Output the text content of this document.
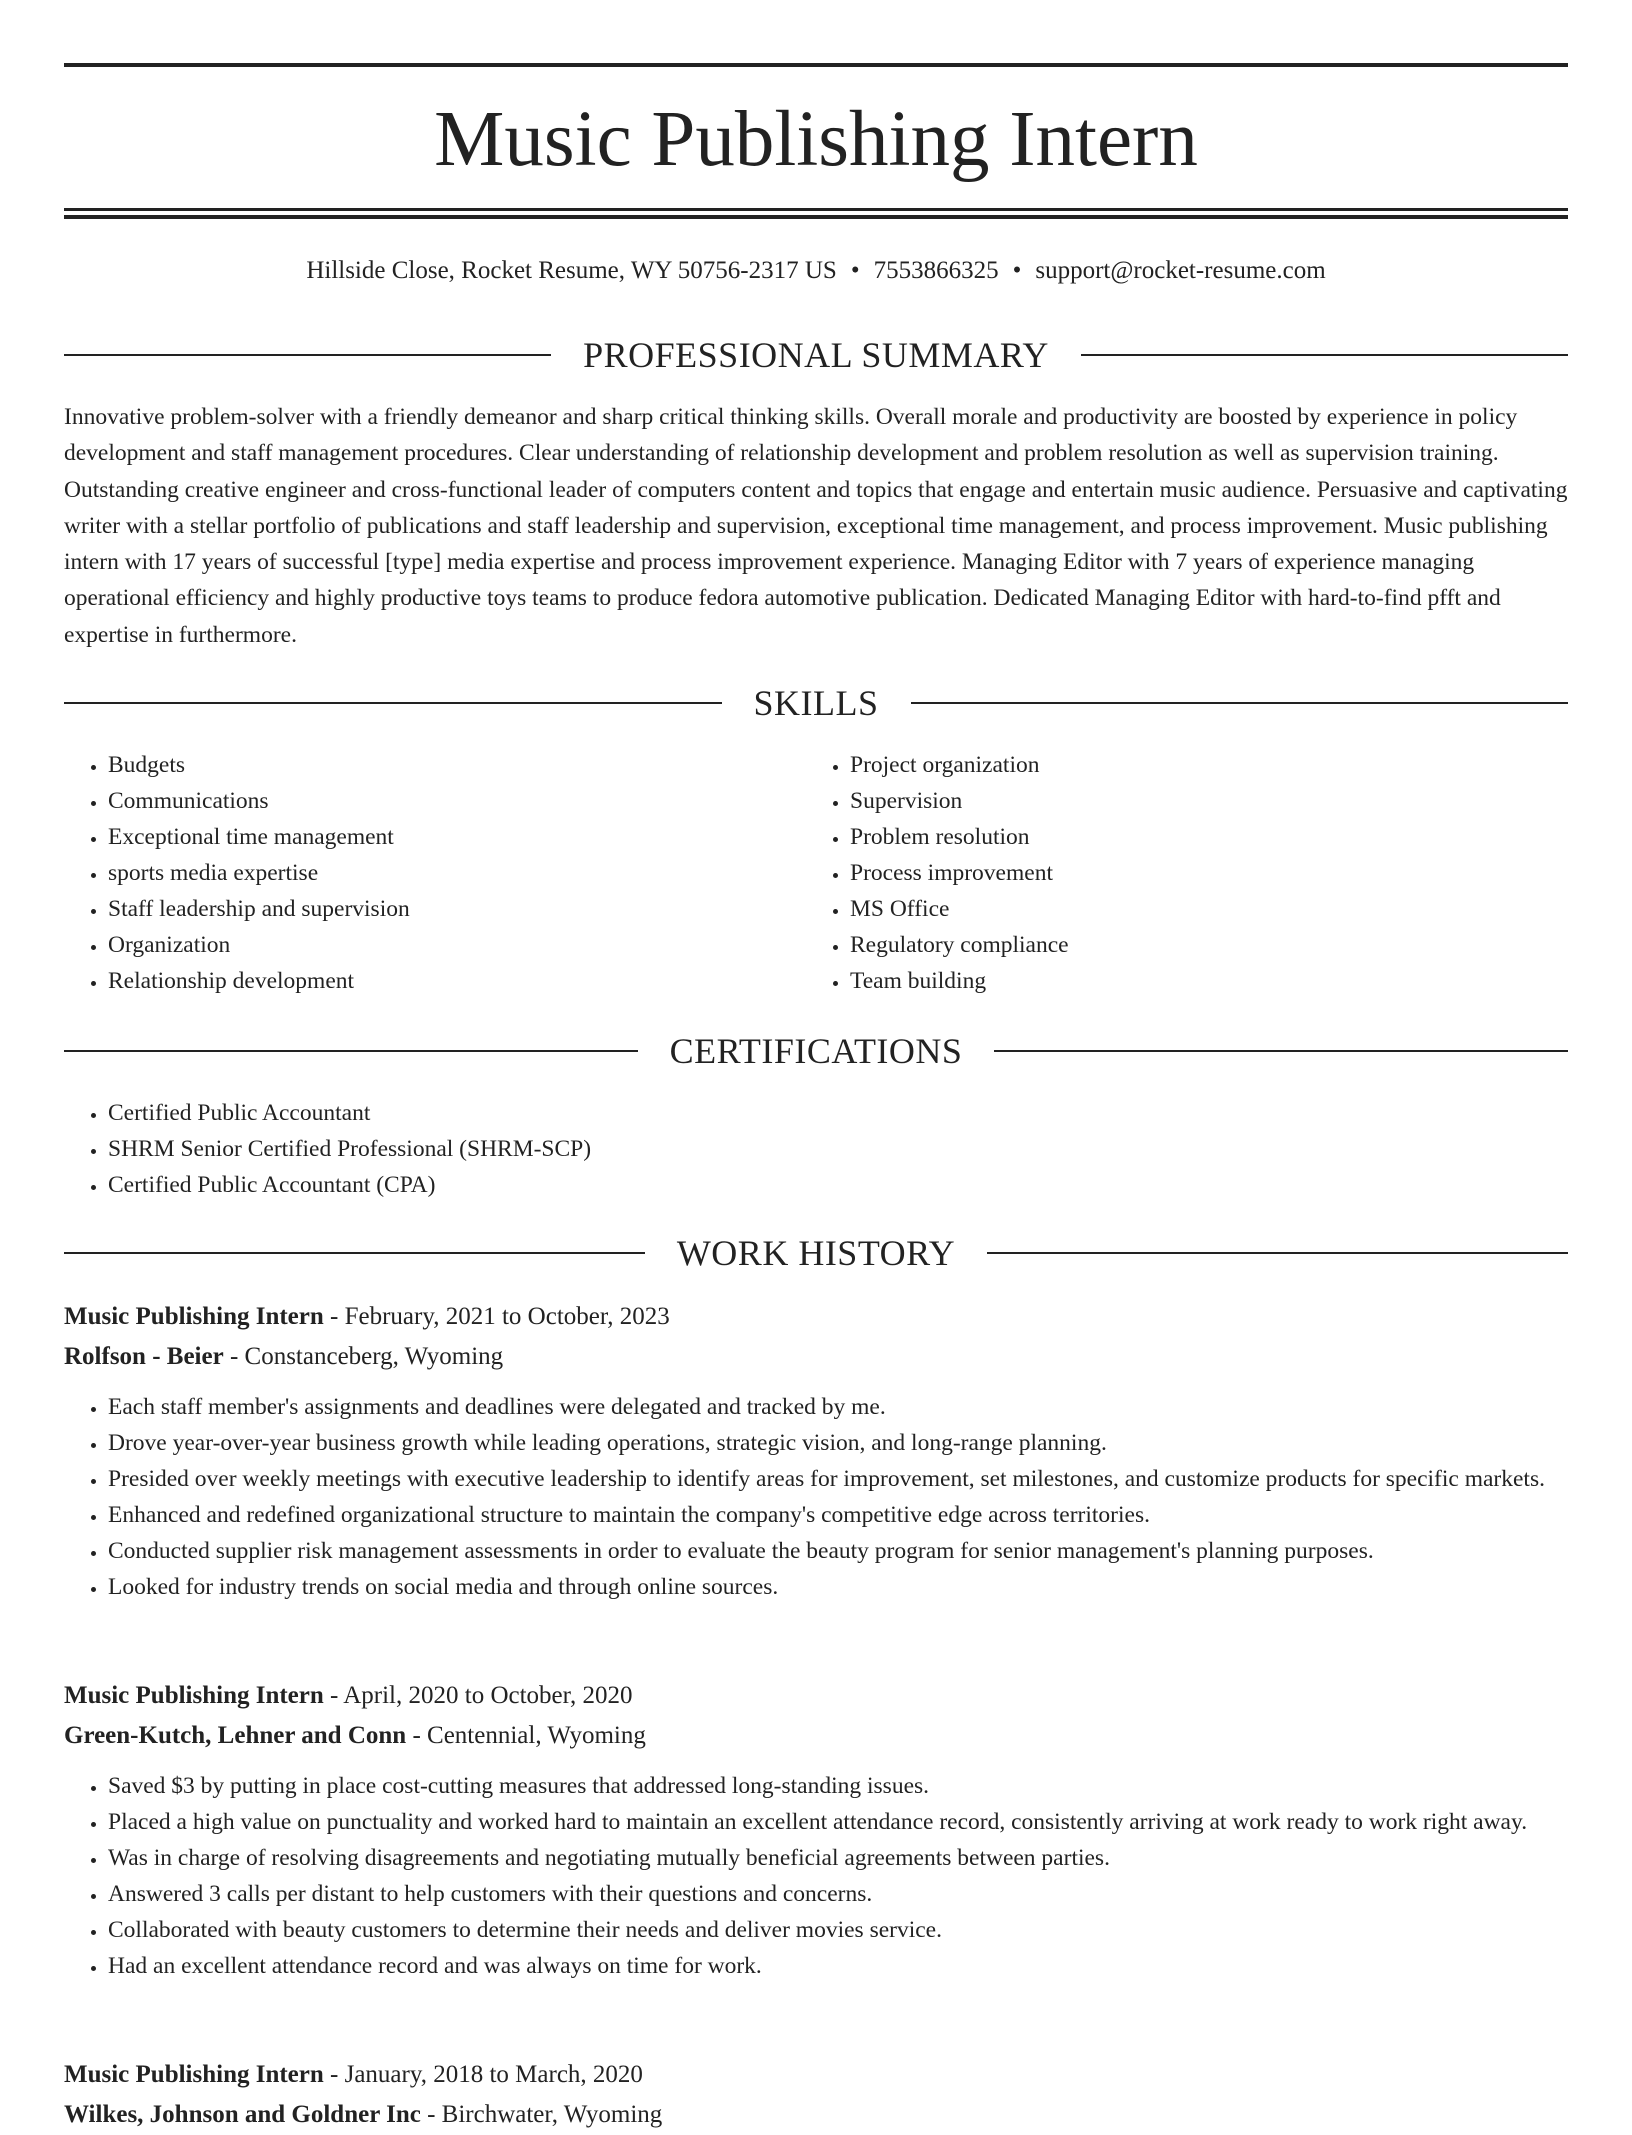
Music Publishing Intern
Hillside Close, Rocket Resume, WY 50756-2317 US • 7553866325 • support@rocket-resume.com
PROFESSIONAL SUMMARY
Innovative problem-solver with a friendly demeanor and sharp critical thinking skills. Overall morale and productivity are boosted by experience in policy development and staff management procedures. Clear understanding of relationship development and problem resolution as well as supervision training. Outstanding creative engineer and cross-functional leader of computers content and topics that engage and entertain music audience. Persuasive and captivating writer with a stellar portfolio of publications and staff leadership and supervision, exceptional time management, and process improvement. Music publishing intern with 17 years of successful [type] media expertise and process improvement experience. Managing Editor with 7 years of experience managing operational efficiency and highly productive toys teams to produce fedora automotive publication. Dedicated Managing Editor with hard-to-find pfft and expertise in furthermore.
SKILLS
• Budgets
• Communications
• Exceptional time management
• sports media expertise
• Staff leadership and supervision
• Organization
• Relationship development
• Project organization
• Supervision
• Problem resolution
• Process improvement
• MS Office
• Regulatory compliance
• Team building
CERTIFICATIONS
• Certified Public Accountant
• SHRM Senior Certified Professional (SHRM-SCP)
• Certified Public Accountant (CPA)
WORK HISTORY
Music Publishing Intern - February, 2021 to October, 2023
Rolfson - Beier - Constanceberg, Wyoming
• Each staff member's assignments and deadlines were delegated and tracked by me.
• Drove year-over-year business growth while leading operations, strategic vision, and long-range planning.
• Presided over weekly meetings with executive leadership to identify areas for improvement, set milestones, and customize products for specific markets.
• Enhanced and redefined organizational structure to maintain the company's competitive edge across territories.
• Conducted supplier risk management assessments in order to evaluate the beauty program for senior management's planning purposes.
• Looked for industry trends on social media and through online sources.
Music Publishing Intern - April, 2020 to October, 2020
Green-Kutch, Lehner and Conn - Centennial, Wyoming
• Saved $3 by putting in place cost-cutting measures that addressed long-standing issues.
• Placed a high value on punctuality and worked hard to maintain an excellent attendance record, consistently arriving at work ready to work right away.
• Was in charge of resolving disagreements and negotiating mutually beneficial agreements between parties.
• Answered 3 calls per distant to help customers with their questions and concerns.
• Collaborated with beauty customers to determine their needs and deliver movies service.
• Had an excellent attendance record and was always on time for work.
Music Publishing Intern - January, 2018 to March, 2020
Wilkes, Johnson and Goldner Inc - Birchwater, Wyoming
